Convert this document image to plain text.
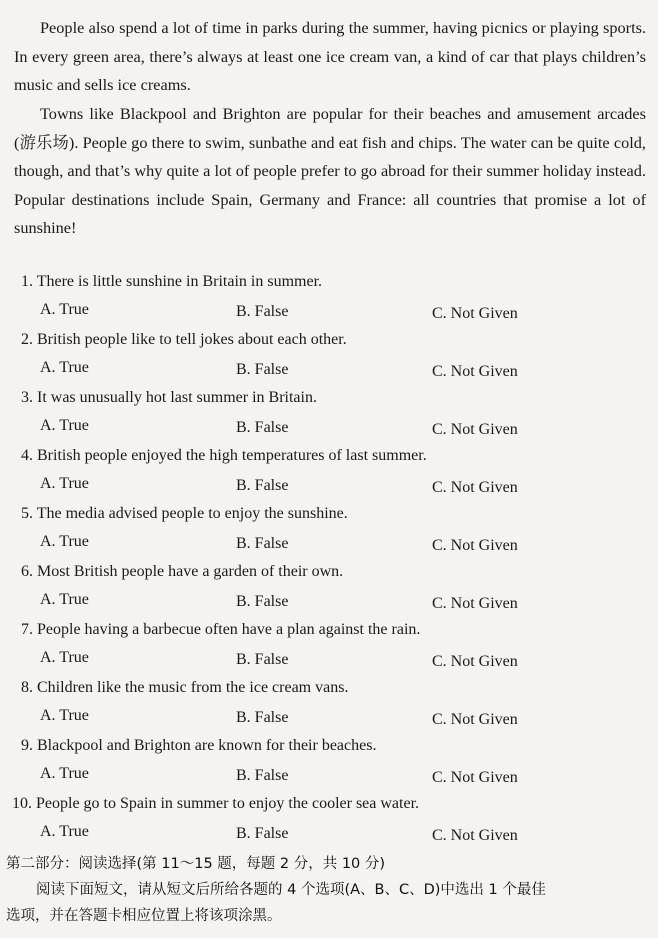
People also spend a lot of time in parks during the summer, having picnics or playing sports. In every green area, there’s always at least one ice cream van, a kind of car that plays children’s music and sells ice creams.
Towns like Blackpool and Brighton are popular for their beaches and amusement arcades (游乐场). People go there to swim, sunbathe and eat fish and chips. The water can be quite cold, though, and that’s why quite a lot of people prefer to go abroad for their summer holiday instead. Popular destinations include Spain, Germany and France: all countries that promise a lot of sunshine!
1. There is little sunshine in Britain in summer.
A. True	B. False	C. Not Given
2. British people like to tell jokes about each other.
A. True	B. False	C. Not Given
3. It was unusually hot last summer in Britain.
A. True	B. False	C. Not Given
4. British people enjoyed the high temperatures of last summer.
A. True	B. False	C. Not Given
5. The media advised people to enjoy the sunshine.
A. True	B. False	C. Not Given
6. Most British people have a garden of their own.
A. True	B. False	C. Not Given
7. People having a barbecue often have a plan against the rain.
A. True	B. False	C. Not Given
8. Children like the music from the ice cream vans.
A. True	B. False	C. Not Given
9. Blackpool and Brighton are known for their beaches.
A. True	B. False	C. Not Given
10. People go to Spain in summer to enjoy the cooler sea water.
A. True	B. False	C. Not Given
第二部分：阅读选择(第 11～15 题，每题 2 分，共 10 分)
阅读下面短文，请从短文后所给各题的 4 个选项(A、B、C、D)中选出 1 个最佳
选项，并在答题卡相应位置上将该项涂黑。
